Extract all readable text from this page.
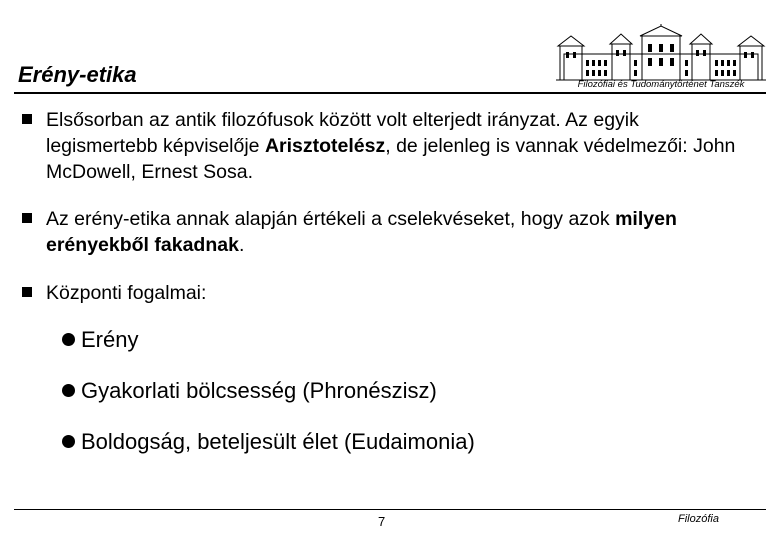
Erény-etika	Filozófiai és Tudománytörténet Tanszék
Elsősorban az antik filozófusok között volt elterjedt irányzat. Az egyik legismertebb képviselője Arisztotelész, de jelenleg is vannak védelmezői: John McDowell, Ernest Sosa.
Az erény-etika annak alapján értékeli a cselekvéseket, hogy azok milyen erényekből fakadnak.
Központi fogalmai:
Erény
Gyakorlati bölcsesség (Phronészisz)
Boldogság, beteljesült élet (Eudaimonia)
7	Filozófia
